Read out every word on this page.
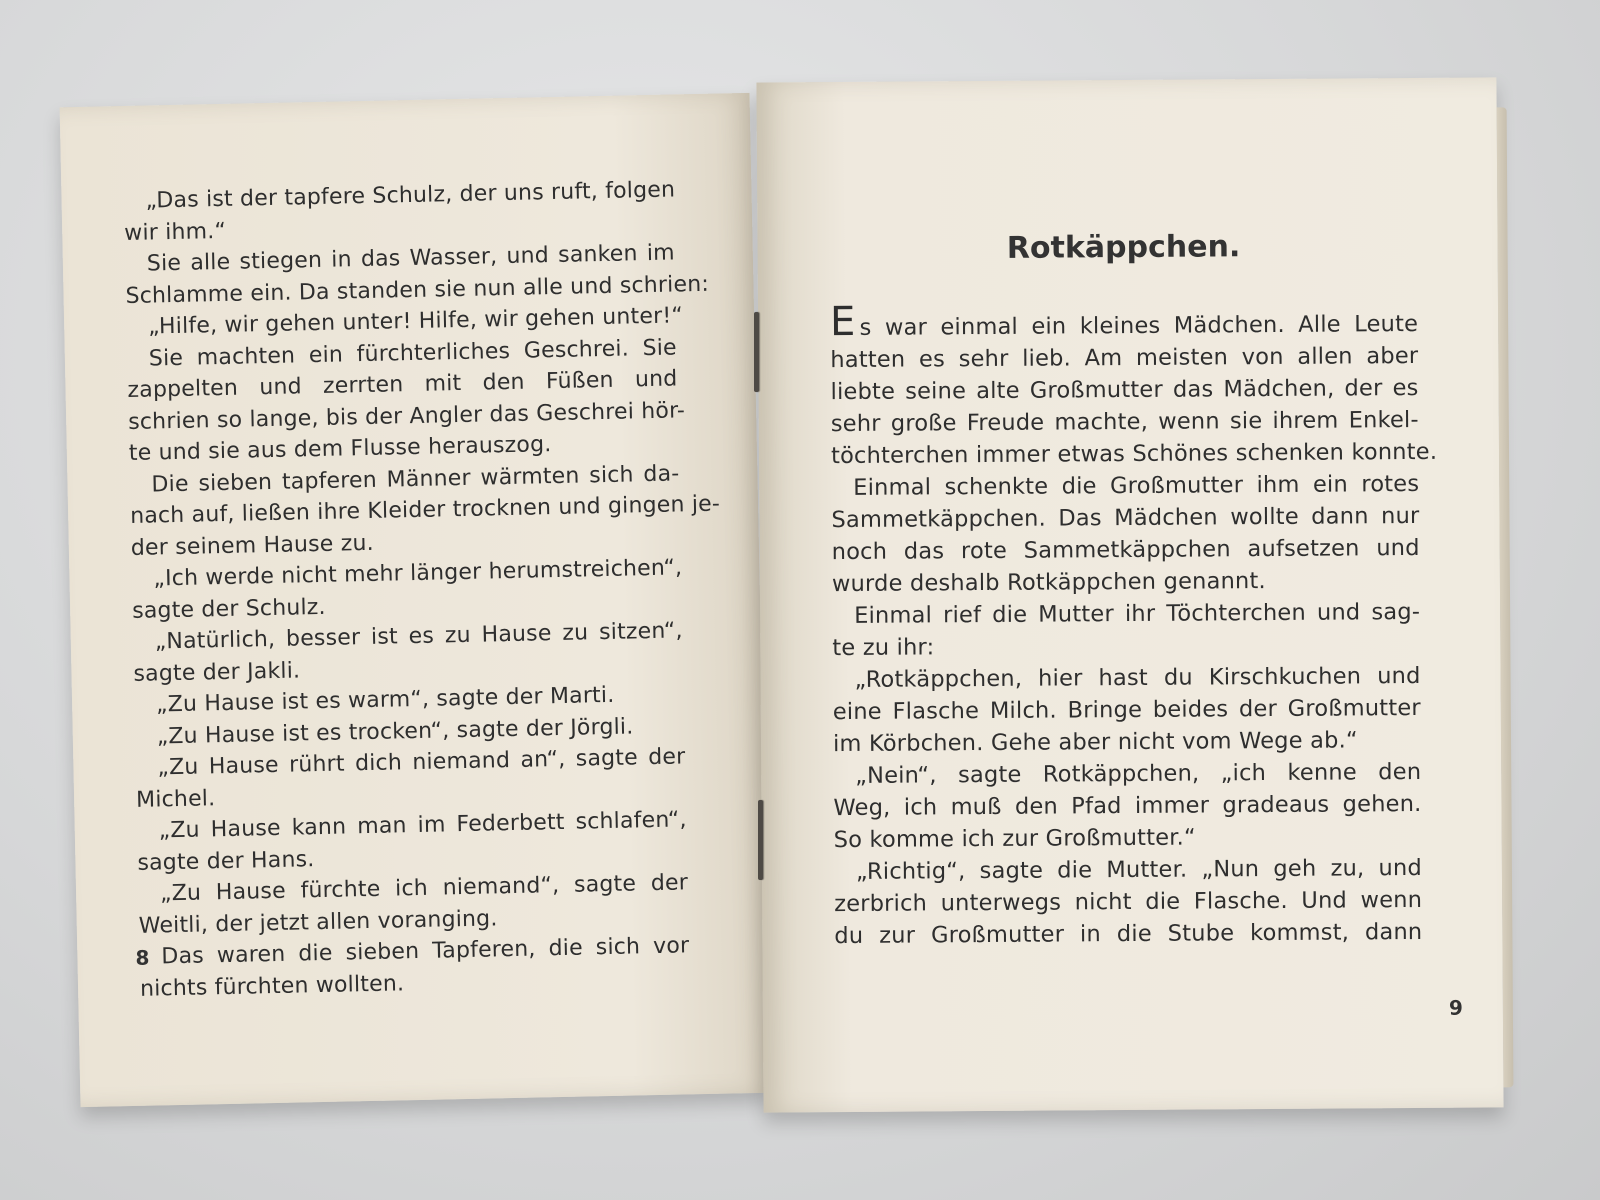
„Das ist der tapfere Schulz, der uns ruft, folgen
wir ihm.“
Sie alle stiegen in das Wasser, und sanken im
Schlamme ein. Da standen sie nun alle und schrien:
„Hilfe, wir gehen unter! Hilfe, wir gehen unter!“
Sie machten ein fürchterliches Geschrei. Sie
zappelten und zerrten mit den Füßen und
schrien so lange, bis der Angler das Geschrei hör-
te und sie aus dem Flusse herauszog.
Die sieben tapferen Männer wärmten sich da-
nach auf, ließen ihre Kleider trocknen und gingen je-
der seinem Hause zu.
„Ich werde nicht mehr länger herumstreichen“,
sagte der Schulz.
„Natürlich, besser ist es zu Hause zu sitzen“,
sagte der Jakli.
„Zu Hause ist es warm“, sagte der Marti.
„Zu Hause ist es trocken“, sagte der Jörgli.
„Zu Hause rührt dich niemand an“, sagte der
Michel.
„Zu Hause kann man im Federbett schlafen“,
sagte der Hans.
„Zu Hause fürchte ich niemand“, sagte der
Weitli, der jetzt allen voranging.
Das waren die sieben Tapferen, die sich vor
nichts fürchten wollten.
8
Rotkäppchen.
Es war einmal ein kleines Mädchen. Alle Leute
hatten es sehr lieb. Am meisten von allen aber
liebte seine alte Großmutter das Mädchen, der es
sehr große Freude machte, wenn sie ihrem Enkel-
töchterchen immer etwas Schönes schenken konnte.
Einmal schenkte die Großmutter ihm ein rotes
Sammetkäppchen. Das Mädchen wollte dann nur
noch das rote Sammetkäppchen aufsetzen und
wurde deshalb Rotkäppchen genannt.
Einmal rief die Mutter ihr Töchterchen und sag-
te zu ihr:
„Rotkäppchen, hier hast du Kirschkuchen und
eine Flasche Milch. Bringe beides der Großmutter
im Körbchen. Gehe aber nicht vom Wege ab.“
„Nein“, sagte Rotkäppchen, „ich kenne den
Weg, ich muß den Pfad immer gradeaus gehen.
So komme ich zur Großmutter.“
„Richtig“, sagte die Mutter. „Nun geh zu, und
zerbrich unterwegs nicht die Flasche. Und wenn
du zur Großmutter in die Stube kommst, dann
9
